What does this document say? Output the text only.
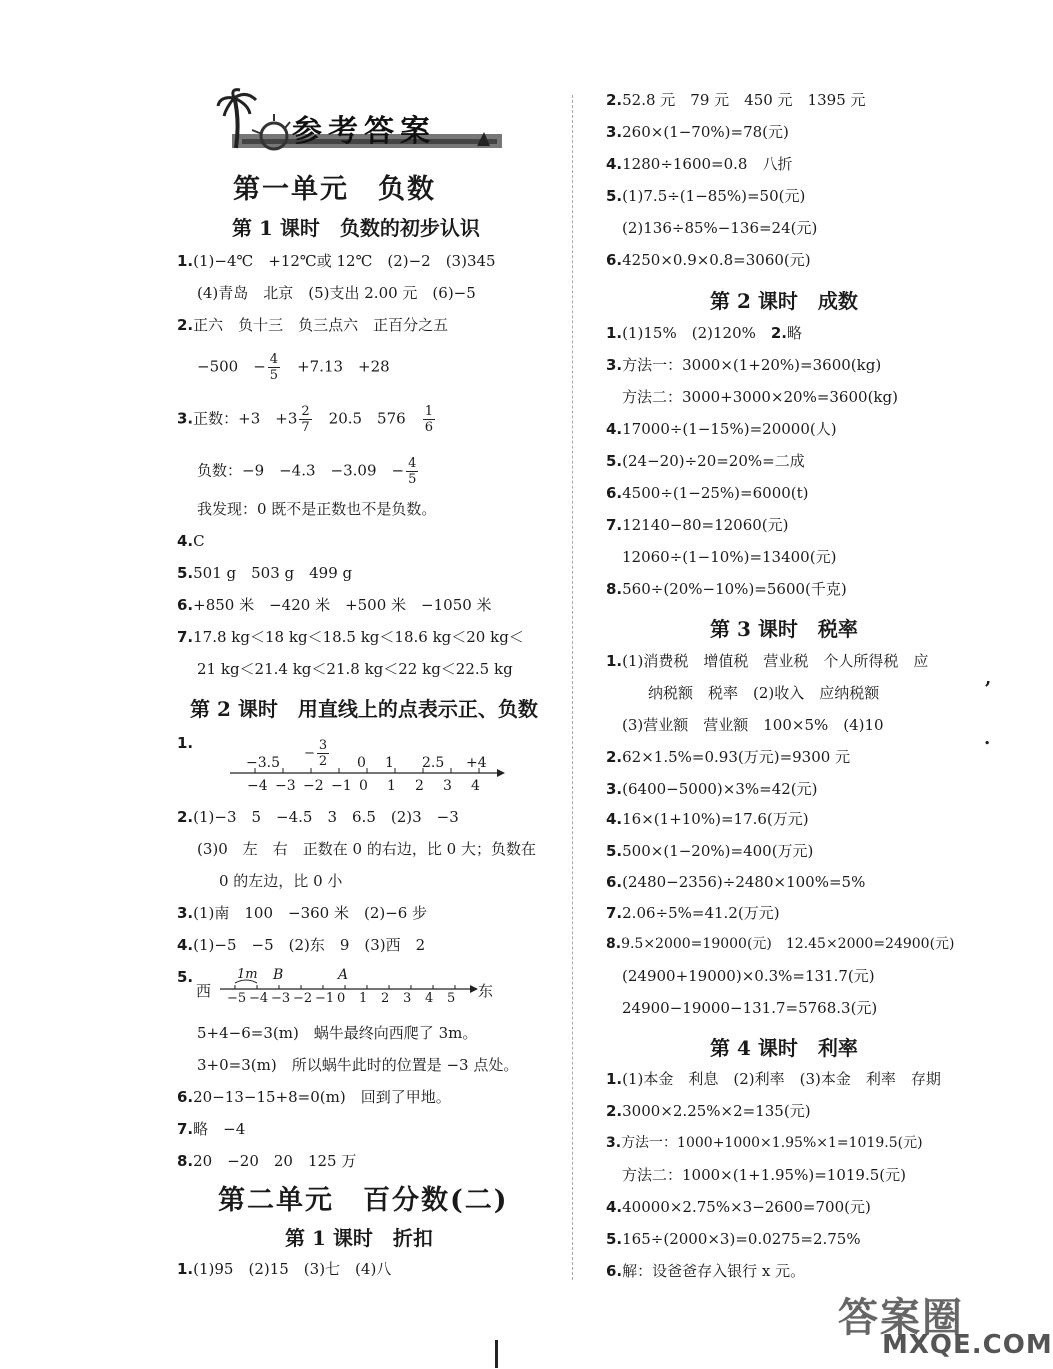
参考答案
第一单元　负数
第 1 课时　负数的初步认识
1.(1)−4℃　+12℃或 12℃　(2)−2　(3)345
(4)青岛　北京　(5)支出 2.00 元　(6)−5
2.正六　负十三　负三点六　正百分之五
−500　− $\frac{4}{5}$ 　+7.13　+28
3.正数：+3　$+3 \frac{2}{7}$ 　20.5　576　 $\frac{1}{6}$
负数：−9　−4.3　−3.09　− $\frac{4}{5}$
我发现：0 既不是正数也不是负数。
4.C
5.501 g　503 g　499 g
6.+850 米　−420 米　+500 米　−1050 米
7.17.8 kg＜18 kg＜18.5 kg＜18.6 kg＜20 kg＜
21 kg＜21.4 kg＜21.8 kg＜22 kg＜22.5 kg
第 2 课时　用直线上的点表示正、负数
1.
−3.5
− $\frac{3}{2} 0$ 1 2.5 +4
−4 −3 −2 −1 0 1 2 3 4
2.(1)−3　5　−4.5　3　6.5　(2)3　−3
(3)0　左　右　正数在 0 的右边，比 0 大；负数在
0 的左边，比 0 小
3.(1)南　100　−360 米　(2)−6 步
4.(1)−5　−5　(2)东　9　(3)西　2
5.
西	东
1m B	A
−5 −4 −3 −2 −1 0 1 2 3 4 5
5+4−6=3(m)　蜗牛最终向西爬了 3m。
3+0=3(m)　所以蜗牛此时的位置是 −3 点处。
6.20−13−15+8=0(m)　回到了甲地。
7.略　−4
8.20　−20　20　125 万
第二单元　百分数(二)
第 1 课时　折扣
1.(1)95　(2)15　(3)七　(4)八
2.52.8 元　79 元　450 元　1395 元
3.260×(1−70%)=78(元)
4.1280÷1600=0.8　八折
5.(1)7.5÷(1−85%)=50(元)
(2)136÷85%−136=24(元)
6.4250×0.9×0.8=3060(元)
第 2 课时　成数
1.(1)15%　(2)120%　2.略
3.方法一：3000×(1+20%)=3600(kg)
方法二：3000+3000×20%=3600(kg)
4.17000÷(1−15%)=20000(人)
5.(24−20)÷20=20%=二成
6.4500÷(1−25%)=6000(t)
7.12140−80=12060(元)
12060÷(1−10%)=13400(元)
8.560÷(20%−10%)=5600(千克)
第 3 课时　税率
1.(1)消费税　增值税　营业税　个人所得税　应
纳税额　税率　(2)收入　应纳税额
(3)营业额　营业额　100×5%　(4)10
2.62×1.5%=0.93(万元)=9300 元
3.(6400−5000)×3%=42(元)
4.16×(1+10%)=17.6(万元)
5.500×(1−20%)=400(万元)
6.(2480−2356)÷2480×100%=5%
7.2.06÷5%=41.2(万元)
8.9.5×2000=19000(元)　12.45×2000=24900(元)
(24900+19000)×0.3%=131.7(元)
24900−19000−131.7=5768.3(元)
第 4 课时　利率
1.(1)本金　利息　(2)利率　(3)本金　利率　存期
2.3000×2.25%×2=135(元)
3.方法一：1000+1000×1.95%×1=1019.5(元)
方法二：1000×(1+1.95%)=1019.5(元)
4.40000×2.75%×3−2600=700(元)
5.165÷(2000×3)=0.0275=2.75%
6.解：设爸爸存入银行 x 元。
,
.
答案圈
MXQE.COM
